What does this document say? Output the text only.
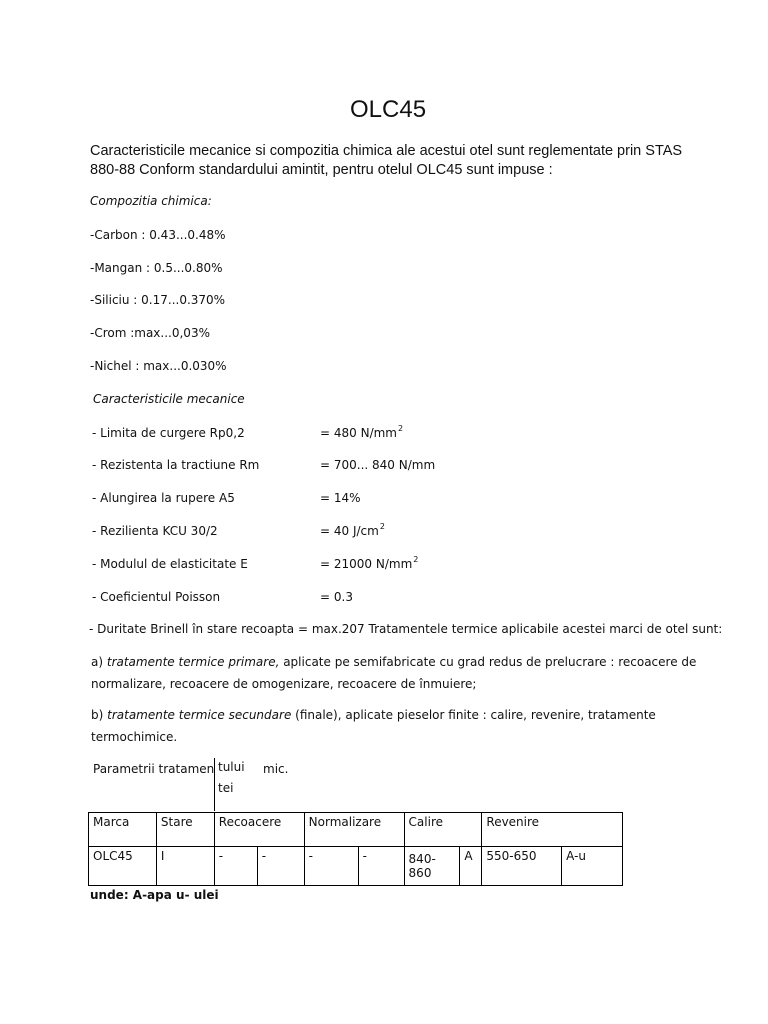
OLC45
Caracteristicile mecanice si compozitia chimica ale acestui otel sunt reglementate prin STAS
880-88 Conform standardului amintit, pentru otelul OLC45 sunt impuse :
Compozitia chimica:
-Carbon : 0.43...0.48%
-Mangan : 0.5...0.80%
-Siliciu : 0.17...0.370%
-Crom :max...0,03%
-Nichel : max...0.030%
Caracteristicile mecanice
- Limita de curgere Rp0,2	= 480 $N/mm^2$
- Rezistenta la tractiune Rm	= 700... 840 N/mm
- Alungirea la rupere A5	= 14%
- Rezilienta KCU 30/2	= 40 $J/cm^2$
- Modulul de elasticitate E	= 21000 $N/mm^2$
- Coeficientul Poisson	= 0.3
- Duritate Brinell în stare recoapta = max.207 Tratamentele termice aplicabile acestei marci de otel sunt:
a) tratamente termice primare, aplicate pe semifabricate cu grad redus de prelucrare : recoacere de
normalizare, recoacere de omogenizare, recoacere de înmuiere;
b) tratamente termice secundare (finale), aplicate pieselor finite : calire, revenire, tratamente
termochimice.
Parametrii tratamen tului
tei
mic.
Marca	Stare	Recoacere		Normalizare		Calire		Revenire	
OLC45	I	-	-	-	-	840-860	A	550-650	A-u
unde: A-apa u- ulei
